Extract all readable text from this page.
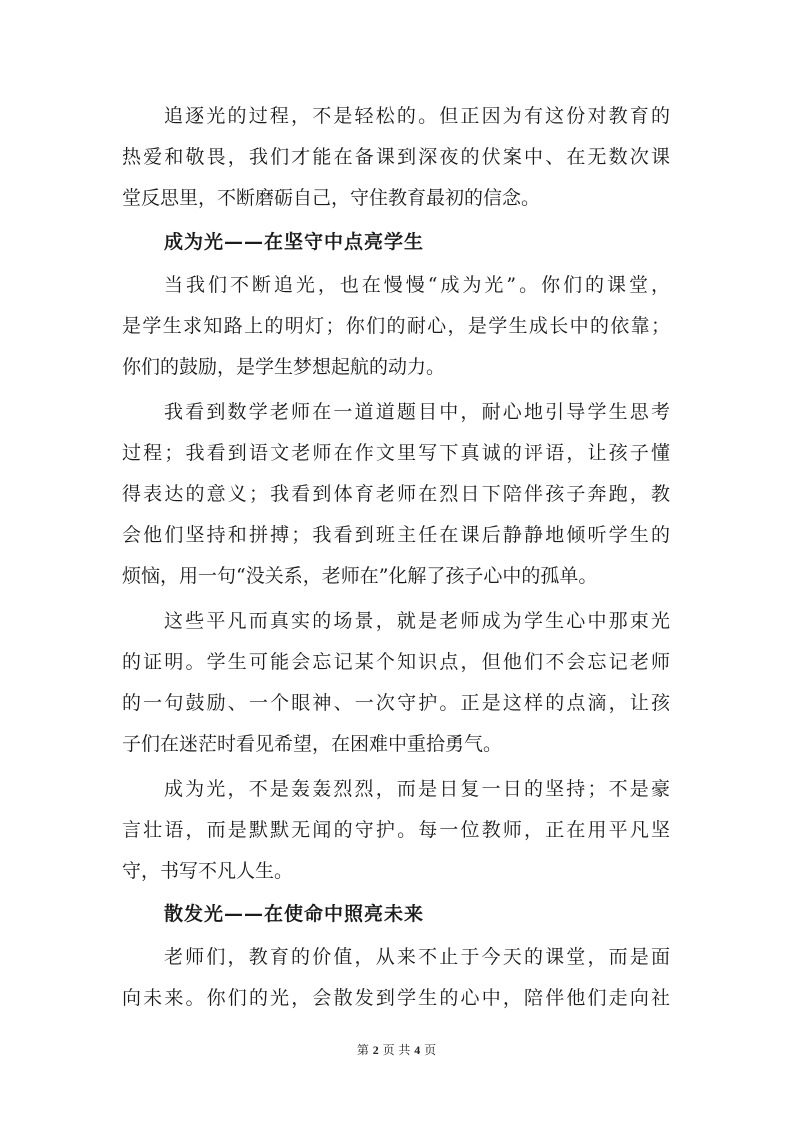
追逐光的过程，不是轻松的。但正因为有这份对教育的
热爱和敬畏，我们才能在备课到深夜的伏案中、在无数次课
堂反思里，不断磨砺自己，守住教育最初的信念。
成为光——在坚守中点亮学生
当我们不断追光，也在慢慢“成为光”。你们的课堂，
是学生求知路上的明灯；你们的耐心，是学生成长中的依靠；
你们的鼓励，是学生梦想起航的动力。
我看到数学老师在一道道题目中，耐心地引导学生思考
过程；我看到语文老师在作文里写下真诚的评语，让孩子懂
得表达的意义；我看到体育老师在烈日下陪伴孩子奔跑，教
会他们坚持和拼搏；我看到班主任在课后静静地倾听学生的
烦恼，用一句“没关系，老师在”化解了孩子心中的孤单。
这些平凡而真实的场景，就是老师成为学生心中那束光
的证明。学生可能会忘记某个知识点，但他们不会忘记老师
的一句鼓励、一个眼神、一次守护。正是这样的点滴，让孩
子们在迷茫时看见希望，在困难中重拾勇气。
成为光，不是轰轰烈烈，而是日复一日的坚持；不是豪
言壮语，而是默默无闻的守护。每一位教师，正在用平凡坚
守，书写不凡人生。
散发光——在使命中照亮未来
老师们，教育的价值，从来不止于今天的课堂，而是面
向未来。你们的光，会散发到学生的心中，陪伴他们走向社
第 2 页 共 4 页
